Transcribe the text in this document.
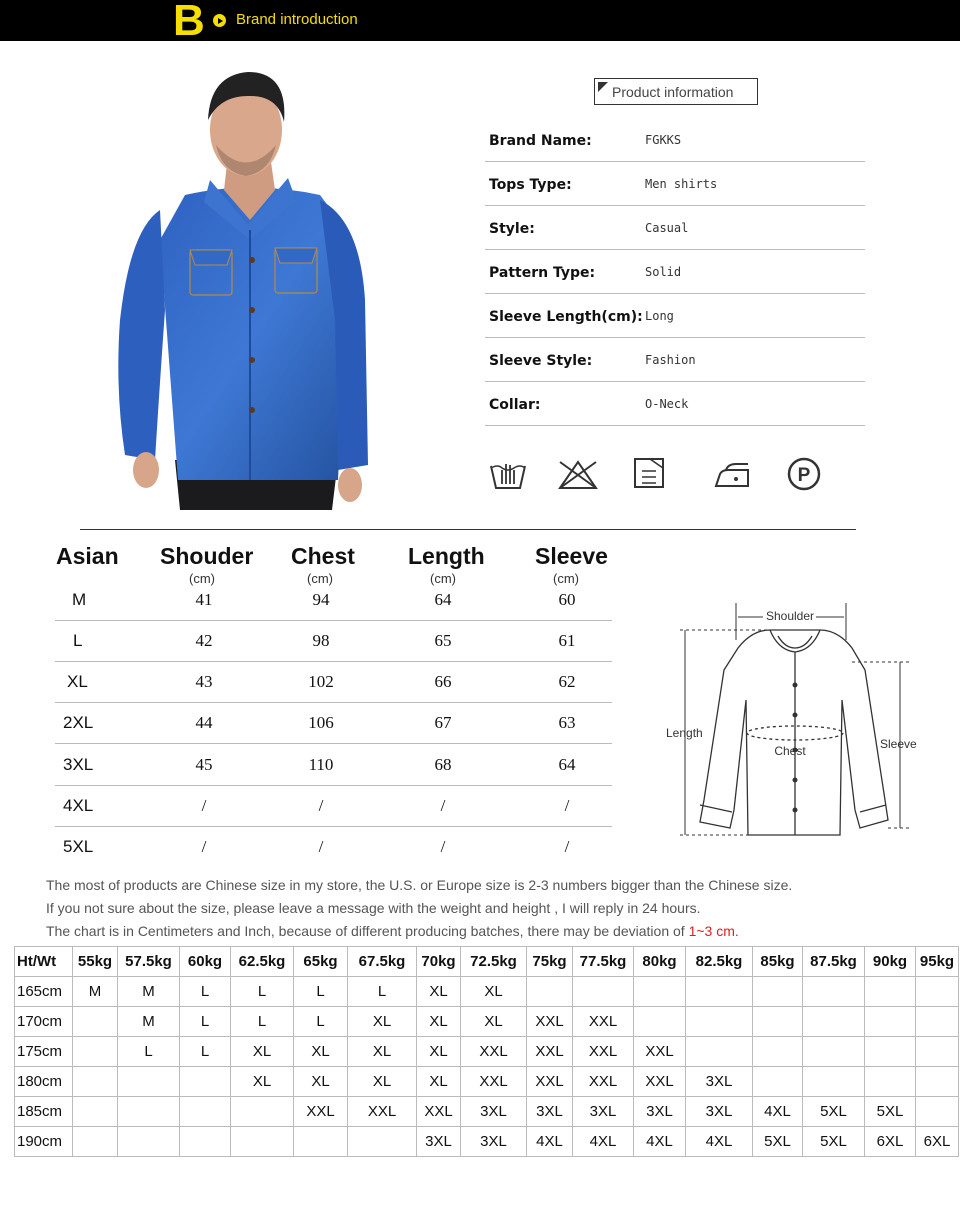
B Brand introduction
Product information
Brand Name:	FGKKS
Tops Type:	Men shirts
Style:	Casual
Pattern Type:	Solid
Sleeve Length(cm): Long
Sleeve Style:	Fashion
Collar:	O-Neck
P
Asian Shouder Chest Length Sleeve
(cm)	(cm)	(cm)	(cm)
M	41	94	64	60
L	42	98	65	61
XL	43	102	66	62
2XL	44	106	67	63
3XL	45	110	68	64
4XL	/	/	/	/
5XL	/	/	/	/
Shoulder
Length
Chest	Sleeve
The most of products are Chinese size in my store, the U.S. or Europe size is 2-3 numbers bigger than the Chinese size.
If you not sure about the size, please leave a message with the weight and height , I will reply in 24 hours.
The chart is in Centimeters and Inch, because of different producing batches, there may be deviation of 1~3 cm.
Ht/Wt	55kg	57.5kg	60kg	62.5kg	65kg	67.5kg	70kg	72.5kg	75kg	77.5kg	80kg	82.5kg	85kg	87.5kg	90kg	95kg
165cm	M	M	L	L	L	L	XL	XL								
170cm		M	L	L	L	XL	XL	XL	XXL	XXL						
175cm		L	L	XL	XL	XL	XL	XXL	XXL	XXL	XXL					
180cm				XL	XL	XL	XL	XXL	XXL	XXL	XXL	3XL				
185cm					XXL	XXL	XXL	3XL	3XL	3XL	3XL	3XL	4XL	5XL	5XL	
190cm							3XL	3XL	4XL	4XL	4XL	4XL	5XL	5XL	6XL	6XL
